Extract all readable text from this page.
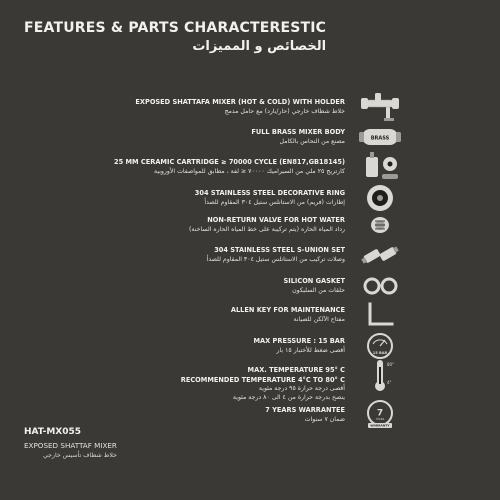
FEATURES & PARTS CHARACTERESTIC
الخصائص و المميزات
EXPOSED SHATTAFA MIXER (HOT & COLD) WITH HOLDER
خلاط شطاف خارجي (حار/بارد) مع حامل مدمج
FULL BRASS MIXER BODY
مصنع من النحاس بالكامل	BRASS
25 MM CERAMIC CARTRIDGE ≥ 70000 CYCLE (EN817,GB18145)
كارتريج ٢٥ ملي من السيراميك ٧٠٠٠٠ ≤ لفة ، مطابق للمواصفات الأوروبية
304 STAINLESS STEEL DECORATIVE RING
إطارات (فريم) من الاستانلس ستيل ٣٠٤ المقاوم للصدأ
NON-RETURN VALVE FOR HOT WATER
رداد المياه الحاره (يتم تركيبة على خط المياه الحاره الساخنة)
304 STAINLESS STEEL S-UNION SET
وصلات تركيب من الاستانلس ستيل ٣٠٤ المقاوم للصدأ
SILICON GASKET
حلقات من السليكون
ALLEN KEY FOR MAINTENANCE
مفتاح الآلكن للصيانة
MAX PRESSURE : 15 BAR
أقصى ضغط للأختبار ١٥ بار	15 BAR
MAX. TEMPERATURE 95° C
RECOMMENDED TEMPERATURE 4°C TO 80° C
أقصى درجة حرارة ٩٥ درجة مئوية
ينصح بدرجة حرارة من ٤ الى ٨٠ درجة مئوية
80°
4°
7 YEARS WARRANTEE
ضمان ٧ سنوات
7
YEARS
WARRANTY
HAT-MX055
EXPOSED SHATTAF MIXER
خلاط شطاف تأسيس خارجي
